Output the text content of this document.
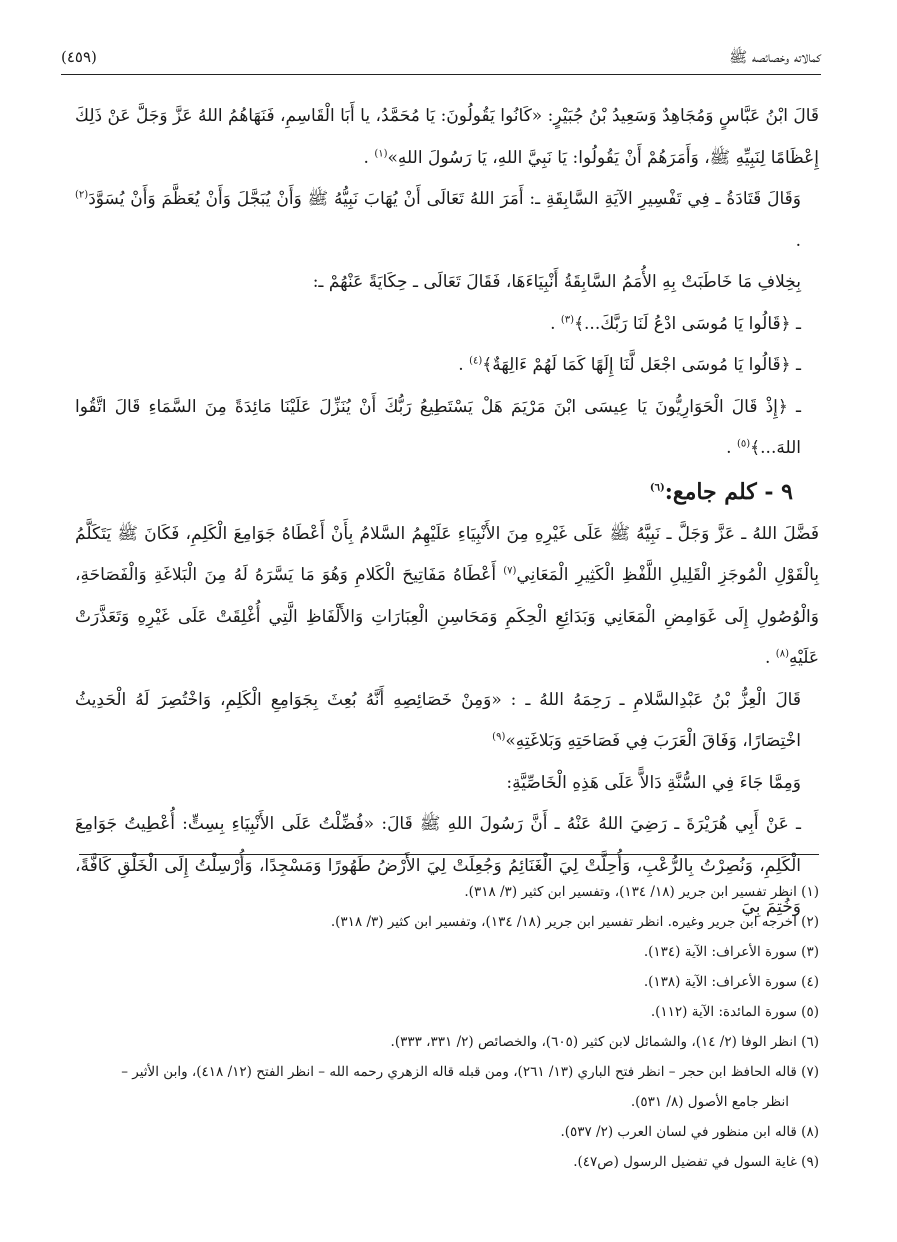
كمالاته وخصائصه ﷺ
(٤٥٩)

قَالَ ابْنُ عَبَّاسٍ وَمُجَاهِدٌ وَسَعِيدُ بْنُ جُبَيْرٍ: «كَانُوا يَقُولُونَ: يَا مُحَمَّدُ، يا أَبَا الْقَاسِمِ، فَنَهَاهُمُ اللهُ عَزَّ وَجَلَّ عَنْ ذَلِكَ إِعْظَامًا لِنَبِيِّهِ ﷺ، وَأَمَرَهُمْ أَنْ يَقُولُوا: يَا نَبِيَّ اللهِ، يَا رَسُولَ اللهِ»$^{(١)}$ .

وَقَالَ قَتَادَةُ ـ فِي تَفْسِيرِ الآيَةِ السَّابِقَةِ ـ: أَمَرَ اللهُ تَعَالَى أَنْ يُهَابَ نَبِيُّهُ ﷺ وَأَنْ يُبَجَّلَ وَأَنْ يُعَظَّمَ وَأَنْ يُسَوَّدَ$^{(٢)}$ .

بِخِلافِ مَا خَاطَبَتْ بِهِ الأُمَمُ السَّابِقَةُ أَنْبِيَاءَهَا، فَقَالَ تَعَالَى ـ حِكَايَةً عَنْهُمْ ـ:

ـ ﴿قَالُوا يَا مُوسَى ادْعُ لَنَا رَبَّكَ...﴾$^{(٣)}$ .

ـ ﴿قَالُوا يَا مُوسَى اجْعَل لَّنَا إِلَهًا كَمَا لَهُمْ ءَالِهَةٌ﴾$^{(٤)}$ .

ـ ﴿إِذْ قَالَ الْحَوَارِيُّونَ يَا عِيسَى ابْنَ مَرْيَمَ هَلْ يَسْتَطِيعُ رَبُّكَ أَنْ يُنَزِّلَ عَلَيْنَا مَائِدَةً مِنَ السَّمَاءِ قَالَ اتَّقُوا اللهَ...﴾$^{(٥)}$ .

٩ - كلم جامع:$^{(٦)}$

فَضَّلَ اللهُ ـ عَزَّ وَجَلَّ ـ نَبِيَّهُ ﷺ عَلَى غَيْرِهِ مِنَ الأَنْبِيَاءِ عَلَيْهِمُ السَّلامُ بِأَنْ أَعْطَاهُ جَوَامِعَ الْكَلِمِ، فَكَانَ ﷺ يَتَكَلَّمُ بِالْقَوْلِ الْمُوجَزِ الْقَلِيلِ اللَّفْظِ الْكَثِيرِ الْمَعَانِي$^{(٧)}$ أَعْطَاهُ مَفَاتِيحَ الْكَلامِ وَهُوَ مَا يَسَّرَهُ لَهُ مِنَ الْبَلاغَةِ وَالْفَصَاحَةِ، وَالْوُصُولِ إِلَى غَوَامِضِ الْمَعَانِي وَبَدَائِعِ الْحِكَمِ وَمَحَاسِنِ الْعِبَارَاتِ وَالأَلْفَاظِ الَّتِي أُغْلِقَتْ عَلَى غَيْرِهِ وَتَعَذَّرَتْ عَلَيْهِ$^{(٨)}$ .

قَالَ الْعِزُّ بْنُ عَبْدِالسَّلامِ ـ رَحِمَهُ اللهُ ـ : «وَمِنْ خَصَائِصِهِ أَنَّهُ بُعِثَ بِجَوَامِعِ الْكَلِمِ، وَاخْتُصِرَ لَهُ الْحَدِيثُ اخْتِصَارًا، وَفَاقَ الْعَرَبَ فِي فَصَاحَتِهِ وَبَلاغَتِهِ»$^{(٩)}$

وَمِمَّا جَاءَ فِي السُّنَّةِ دَالاًّ عَلَى هَذِهِ الْخَاصِّيَّةِ:

ـ عَنْ أَبِي هُرَيْرَةَ ـ رَضِيَ اللهُ عَنْهُ ـ أَنَّ رَسُولَ اللهِ ﷺ قَالَ: «فُضِّلْتُ عَلَى الأَنْبِيَاءِ بِسِتٍّ: أُعْطِيتُ جَوَامِعَ الْكَلِمِ، وَنُصِرْتُ بِالرُّعْبِ، وَأُحِلَّتْ لِيَ الْغَنَائِمُ وَجُعِلَتْ لِيَ الأَرْضُ طَهُورًا وَمَسْجِدًا، وَأُرْسِلْتُ إِلَى الْخَلْقِ كَافَّةً، وَخُتِمَ بِيَ

(١) انظر تفسير ابن جرير (١٨/ ١٣٤)، وتفسير ابن كثير (٣/ ٣١٨).

(٢) اخرجه ابن جرير وغيره. انظر تفسير ابن جرير (١٨/ ١٣٤)، وتفسير ابن كثير (٣/ ٣١٨).

(٣) سورة الأعراف: الآية (١٣٤).

(٤) سورة الأعراف: الآية (١٣٨).

(٥) سورة المائدة: الآية (١١٢).

(٦) انظر الوفا (٢/ ١٤)، والشمائل لابن كثير (٦٠٥)، والخصائص (٢/ ٣٣١، ٣٣٣).

(٧) قاله الحافظ ابن حجر – انظر فتح الباري (١٣/ ٢٦١)، ومن قبله قاله الزهري رحمه الله – انظر الفتح (١٢/ ٤١٨)، وابن الأثير –

انظر جامع الأصول (٨/ ٥٣١).

(٨) قاله ابن منظور في لسان العرب (٢/ ٥٣٧).

(٩) غاية السول في تفضيل الرسول (ص٤٧).
